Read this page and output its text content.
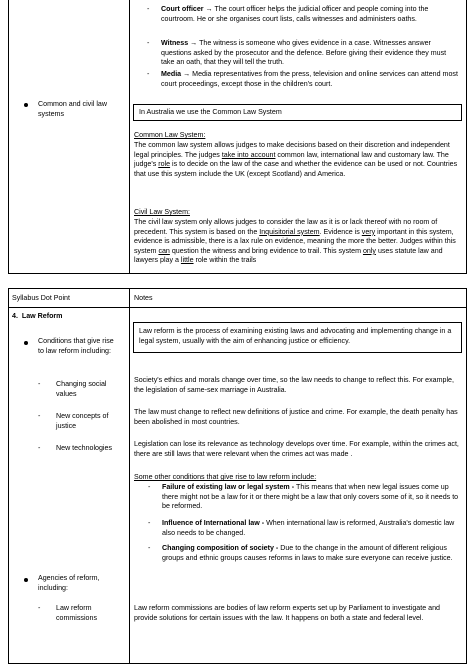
Court officer → The court officer helps the judicial officer and people coming into the courtroom. He or she organises court lists, calls witnesses and administers oaths.
Witness → The witness is someone who gives evidence in a case. Witnesses answer questions asked by the prosecutor and the defence. Before giving their evidence they must take an oath, that they will tell the truth.
Media → Media representatives from the press, television and online services can attend most court proceedings, except those in the children's court.
Common and civil law systems	In Australia we use the Common Law System
Common Law System:
The common law system allows judges to make decisions based on their discretion and independent legal principles. The judges take into account common law, international law and customary law. The judge's role is to decide on the law of the case and whether the evidence can be used or not. Countries that use this system include the UK (except Scotland) and America.
Civil Law System:
The civil law system only allows judges to consider the law as it is or lack thereof with no room of precedent. This system is based on the Inquisitorial system. Evidence is very important in this system, evidence is admissible, there is a lax rule on evidence, meaning the more the better. Judges within this system can question the witness and bring evidence to trail. This system only uses statute law and lawyers play a little role within the trails
Syllabus Dot Point	Notes
4. Law Reform
Conditions that give rise to law reform including:
- Changing social values
- New concepts of justice
- New technologies
Agencies of reform, including:
- Law reform commissions
Law reform is the process of examining existing laws and advocating and implementing change in a legal system, usually with the aim of enhancing justice or efficiency.
Society's ethics and morals change over time, so the law needs to change to reflect this. For example, the legislation of same-sex marriage in Australia.
The law must change to reflect new definitions of justice and crime. For example, the death penalty has been abolished in most countries.
Legislation can lose its relevance as technology develops over time. For example, within the crimes act, there are still laws that were relevant when the crimes act was made .
Some other conditions that give rise to law reform include:
- Failure of existing law or legal system - This means that when new legal issues come up there might not be a law for it or there might be a law that only covers some of it, so it needs to be reformed.
- Influence of International law - When international law is reformed, Australia's domestic law also needs to be changed.
- Changing composition of society - Due to the change in the amount of different religious groups and ethnic groups causes reforms in laws to make sure everyone can receive justice.
Law reform commissions are bodies of law reform experts set up by Parliament to investigate and provide solutions for certain issues with the law. It happens on both a state and federal level.
